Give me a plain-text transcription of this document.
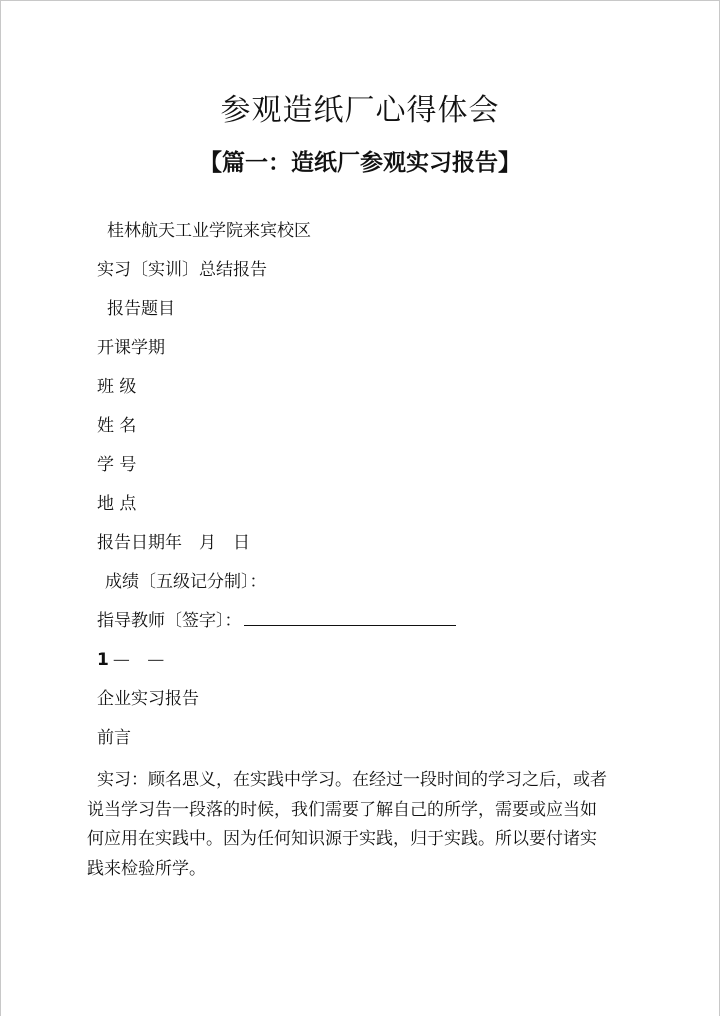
参观造纸厂心得体会
【篇一：造纸厂参观实习报告】

桂林航天工业学院来宾校区

实习〔实训〕总结报告

报告题目

开课学期

班 级

姓 名

学 号

地 点

报告日期年　月　日

成绩〔五级记分制〕：

指导教师〔签字〕：

1 — —

企业实习报告

前言

实习：顾名思义，在实践中学习。在经过一段时间的学习之后，或者
说当学习告一段落的时候，我们需要了解自己的所学，需要或应当如
何应用在实践中。因为任何知识源于实践，归于实践。所以要付诸实
践来检验所学。
